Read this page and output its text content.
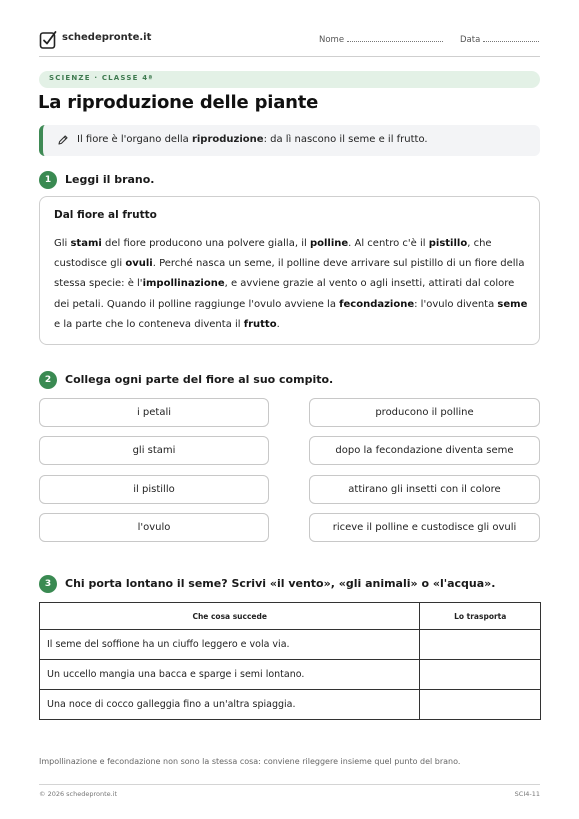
schedepronte.it	Nome	Data
SCIENZE · CLASSE 4ª
La riproduzione delle piante

Il fiore è l'organo della riproduzione: da lì nascono il seme e il frutto.

1	Leggi il brano.
Dal fiore al frutto
Gli stami del fiore producono una polvere gialla, il polline. Al centro c'è il pistillo, che custodisce gli ovuli. Perché nasca un seme, il polline deve arrivare sul pistillo di un fiore della stessa specie: è l'impollinazione, e avviene grazie al vento o agli insetti, attirati dal colore dei petali. Quando il polline raggiunge l'ovulo avviene la fecondazione: l'ovulo diventa seme e la parte che lo conteneva diventa il frutto.
2	Collega ogni parte del fiore al suo compito.
i petali	producono il polline
gli stami	dopo la fecondazione diventa seme
il pistillo	attirano gli insetti con il colore
l'ovulo	riceve il polline e custodisce gli ovuli
3	Chi porta lontano il seme? Scrivi «il vento», «gli animali» o «l'acqua».
Che cosa succede	Lo trasporta
Il seme del soffione ha un ciuffo leggero e vola via.	
Un uccello mangia una bacca e sparge i semi lontano.	
Una noce di cocco galleggia fino a un'altra spiaggia.	
Impollinazione e fecondazione non sono la stessa cosa: conviene rileggere insieme quel punto del brano.
© 2026 schedepronte.it	SCI4-11
